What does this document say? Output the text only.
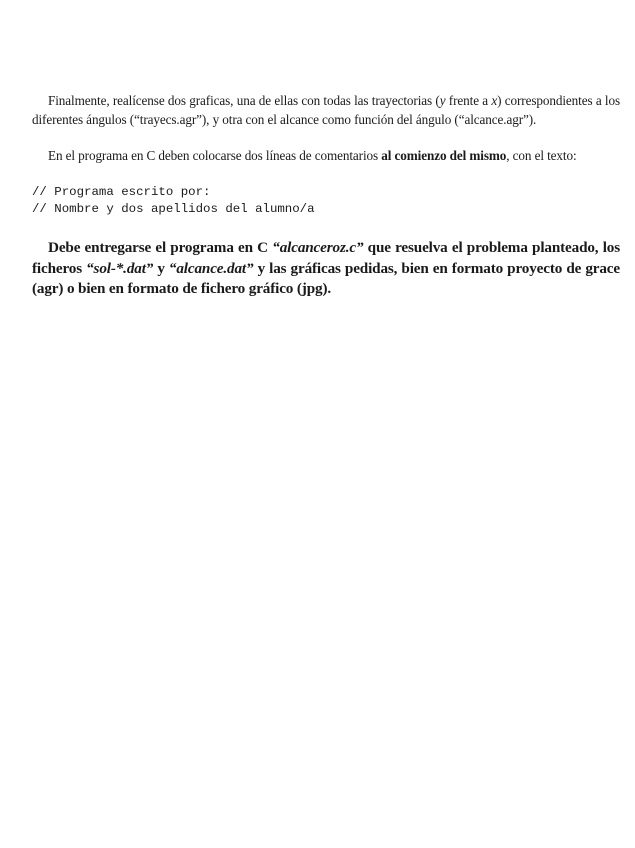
Finalmente, realícense dos graficas, una de ellas con todas las trayectorias (y frente a x) correspondientes a los diferentes ángulos (“trayecs.agr”), y otra con el alcance como función del ángulo (“alcance.agr”).

En el programa en C deben colocarse dos líneas de comentarios al comienzo del mismo, con el texto:

// Programa escrito por:
// Nombre y dos apellidos del alumno/a

Debe entregarse el programa en C “alcanceroz.c” que resuelva el problema planteado, los ficheros “sol-*.dat” y “alcance.dat” y las gráficas pedidas, bien en formato proyecto de grace (agr) o bien en formato de fichero gráfico (jpg).
